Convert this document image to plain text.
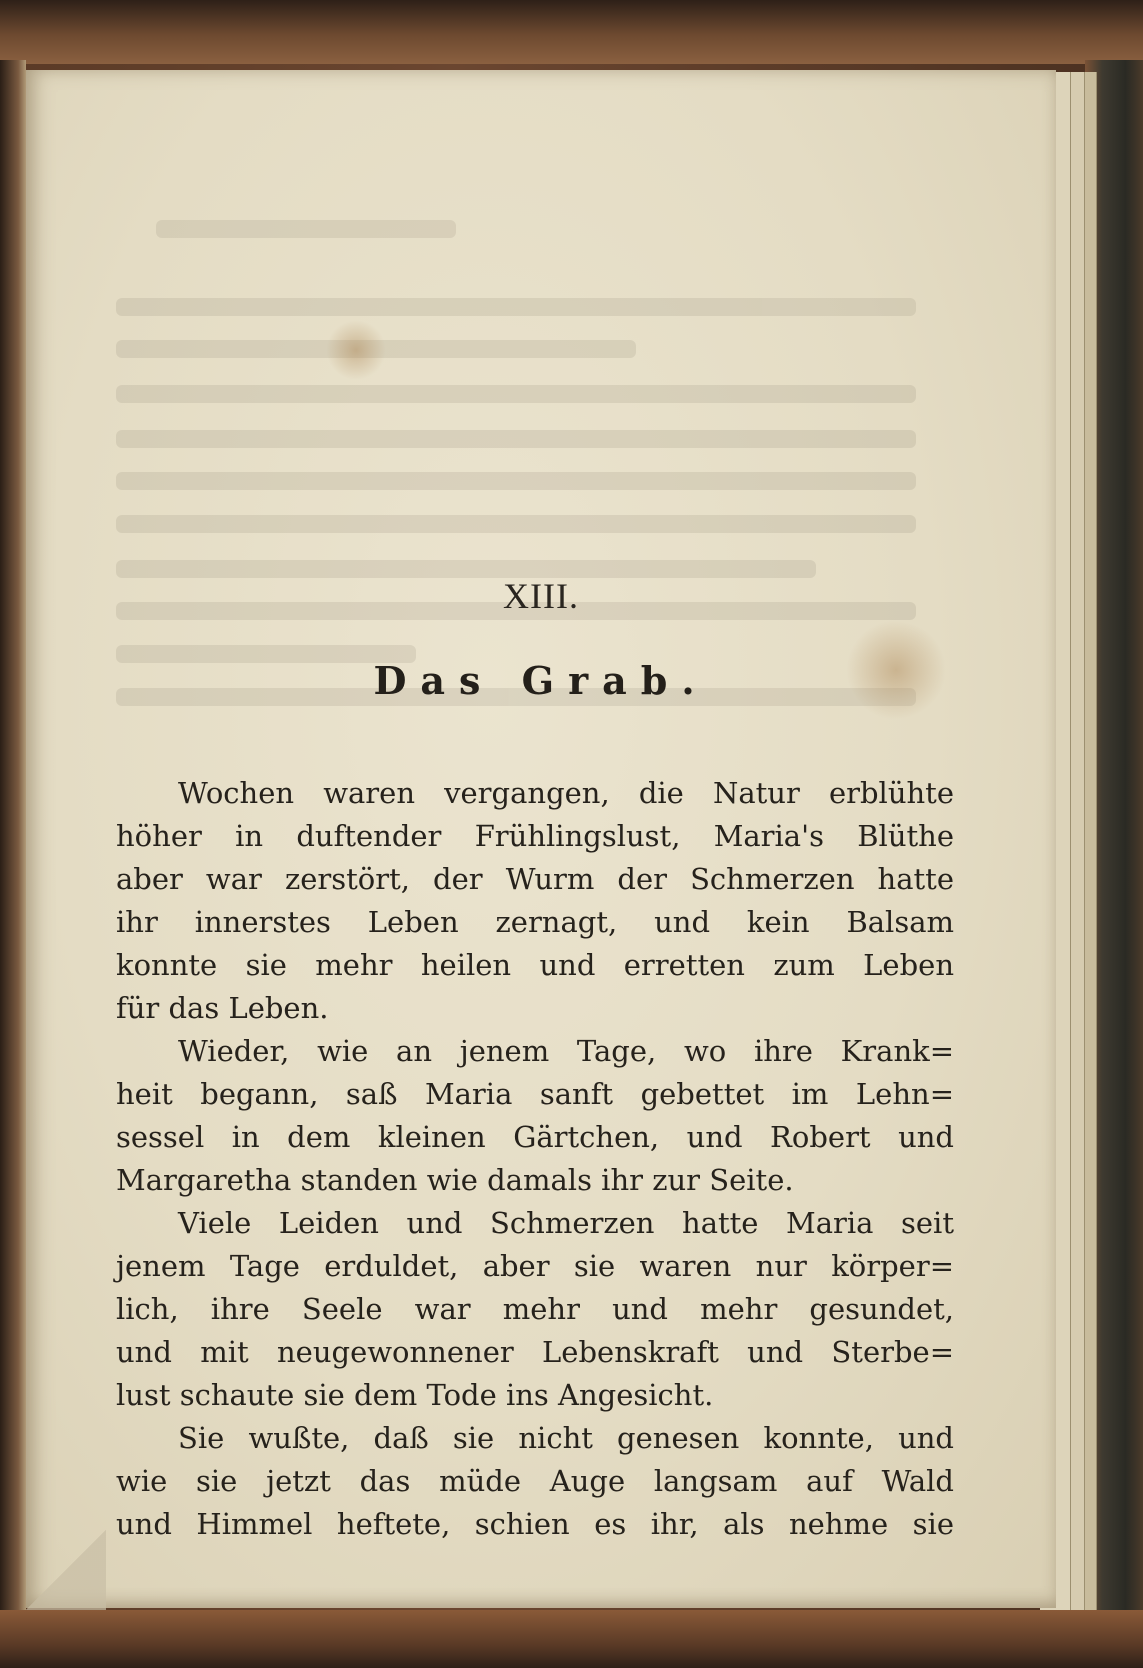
XIII.
Das Grab.
Wochen waren vergangen, die Natur erblühte
höher in duftender Frühlingslust, Maria's Blüthe
aber war zerstört, der Wurm der Schmerzen hatte
ihr innerstes Leben zernagt, und kein Balsam
konnte sie mehr heilen und erretten zum Leben
für das Leben.
Wieder, wie an jenem Tage, wo ihre Krank=
heit begann, saß Maria sanft gebettet im Lehn=
sessel in dem kleinen Gärtchen, und Robert und
Margaretha standen wie damals ihr zur Seite.
Viele Leiden und Schmerzen hatte Maria seit
jenem Tage erduldet, aber sie waren nur körper=
lich, ihre Seele war mehr und mehr gesundet,
und mit neugewonnener Lebenskraft und Sterbe=
lust schaute sie dem Tode ins Angesicht.
Sie wußte, daß sie nicht genesen konnte, und
wie sie jetzt das müde Auge langsam auf Wald
und Himmel heftete, schien es ihr, als nehme sie
